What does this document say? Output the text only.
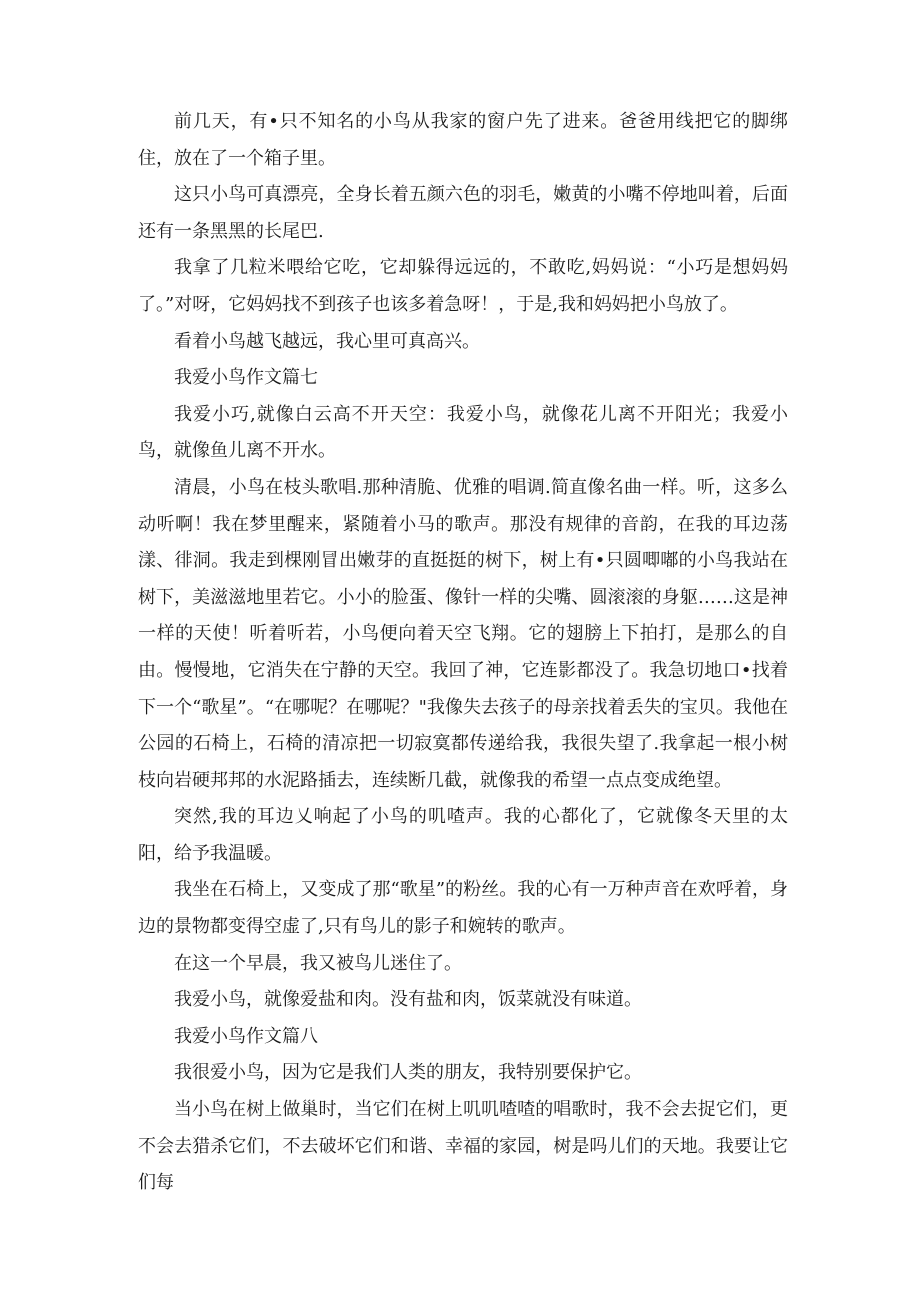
前几天，有•只不知名的小鸟从我家的窗户先了进来。爸爸用线把它的脚绑住，放在了一个箱子里。

这只小鸟可真漂亮，全身长着五颜六色的羽毛，嫩黄的小嘴不停地叫着，后面还有一条黑黑的长尾巴.

我拿了几粒米喂给它吃，它却躲得远远的，不敢吃,妈妈说：“小巧是想妈妈了。”对呀，它妈妈找不到孩子也该多着急呀！，于是,我和妈妈把小鸟放了。

看着小鸟越飞越远，我心里可真高兴。

我爱小鸟作文篇七

我爱小巧,就像白云高不开天空：我爱小鸟，就像花儿离不开阳光；我爱小鸟，就像鱼儿离不开水。

清晨，小鸟在枝头歌唱.那种清脆、优雅的唱调.简直像名曲一样。听，这多么动听啊！我在梦里醒来，紧随着小马的歌声。那没有规律的音韵，在我的耳边荡漾、徘洞。我走到棵刚冒出嫩芽的直挺挺的树下，树上有•只圆唧嘟的小鸟我站在树下，美滋滋地里若它。小小的脸蛋、像针一样的尖嘴、圆滚滚的身躯……这是神一样的天使！听着听若，小鸟便向着天空飞翔。它的翅膀上下拍打，是那么的自由。慢慢地，它消失在宁静的天空。我回了神，它连影都没了。我急切地口•找着下一个“歌星”。“在哪呢？在哪呢？"我像失去孩子的母亲找着丢失的宝贝。我他在公园的石椅上，石椅的清凉把一切寂寞都传递给我，我很失望了.我拿起一根小树枝向岩硬邦邦的水泥路插去，连续断几截，就像我的希望一点点变成绝望。

突然,我的耳边乂响起了小鸟的叽喳声。我的心都化了，它就像冬天里的太阳，给予我温暖。

我坐在石椅上，又变成了那“歌星”的粉丝。我的心有一万种声音在欢呼着，身边的景物都变得空虚了,只有鸟儿的影子和婉转的歌声。

在这一个早晨，我又被鸟儿迷住了。

我爱小鸟，就像爱盐和肉。没有盐和肉，饭菜就没有味道。

我爱小鸟作文篇八

我很爱小鸟，因为它是我们人类的朋友，我特别要保护它。

当小鸟在树上做巢时，当它们在树上叽叽喳喳的唱歌时，我不会去捉它们，更不会去猎杀它们，不去破坏它们和谐、幸福的家园，树是吗儿们的天地。我要让它们每
